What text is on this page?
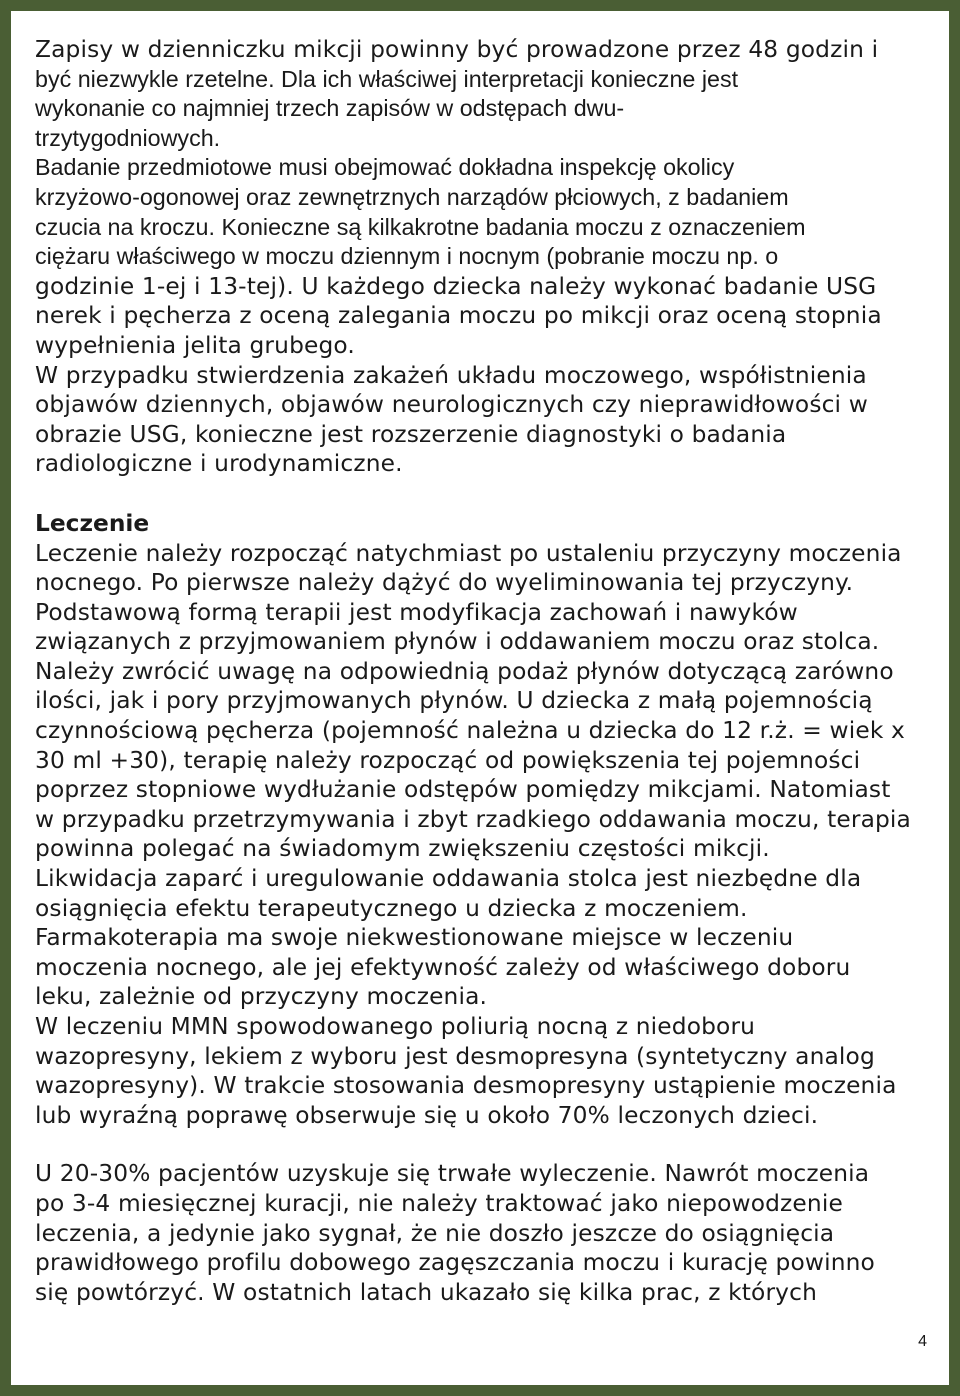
Zapisy w dzienniczku mikcji powinny być prowadzone przez 48 godzin i

być niezwykle rzetelne. Dla ich właściwej interpretacji konieczne jest

wykonanie co najmniej trzech zapisów w odstępach dwu-

trzytygodniowych.

Badanie przedmiotowe musi obejmować dokładna inspekcję okolicy

krzyżowo-ogonowej oraz zewnętrznych narządów płciowych, z badaniem

czucia na kroczu. Konieczne są kilkakrotne badania moczu z oznaczeniem

ciężaru właściwego w moczu dziennym i nocnym (pobranie moczu np. o

godzinie 1-ej i 13-tej). U każdego dziecka należy wykonać badanie USG

nerek i pęcherza z oceną zalegania moczu po mikcji oraz oceną stopnia

wypełnienia jelita grubego.

W przypadku stwierdzenia zakażeń układu moczowego, współistnienia

objawów dziennych, objawów neurologicznych czy nieprawidłowości w

obrazie USG, konieczne jest rozszerzenie diagnostyki o badania

radiologiczne i urodynamiczne.

Leczenie

Leczenie należy rozpocząć natychmiast po ustaleniu przyczyny moczenia

nocnego. Po pierwsze należy dążyć do wyeliminowania tej przyczyny.

Podstawową formą terapii jest modyfikacja zachowań i nawyków

związanych z przyjmowaniem płynów i oddawaniem moczu oraz stolca.

Należy zwrócić uwagę na odpowiednią podaż płynów dotyczącą zarówno

ilości, jak i pory przyjmowanych płynów. U dziecka z małą pojemnością

czynnościową pęcherza (pojemność należna u dziecka do 12 r.ż. = wiek x

30 ml +30), terapię należy rozpocząć od powiększenia tej pojemności

poprzez stopniowe wydłużanie odstępów pomiędzy mikcjami. Natomiast

w przypadku przetrzymywania i zbyt rzadkiego oddawania moczu, terapia

powinna polegać na świadomym zwiększeniu częstości mikcji.

Likwidacja zaparć i uregulowanie oddawania stolca jest niezbędne dla

osiągnięcia efektu terapeutycznego u dziecka z moczeniem.

Farmakoterapia ma swoje niekwestionowane miejsce w leczeniu

moczenia nocnego, ale jej efektywność zależy od właściwego doboru

leku, zależnie od przyczyny moczenia.

W leczeniu MMN spowodowanego poliurią nocną z niedoboru

wazopresyny, lekiem z wyboru jest desmopresyna (syntetyczny analog

wazopresyny). W trakcie stosowania desmopresyny ustąpienie moczenia

lub wyraźną poprawę obserwuje się u około 70% leczonych dzieci.

U 20-30% pacjentów uzyskuje się trwałe wyleczenie. Nawrót moczenia

po 3-4 miesięcznej kuracji, nie należy traktować jako niepowodzenie

leczenia, a jedynie jako sygnał, że nie doszło jeszcze do osiągnięcia

prawidłowego profilu dobowego zagęszczania moczu i kurację powinno

się powtórzyć. W ostatnich latach ukazało się kilka prac, z których

4
